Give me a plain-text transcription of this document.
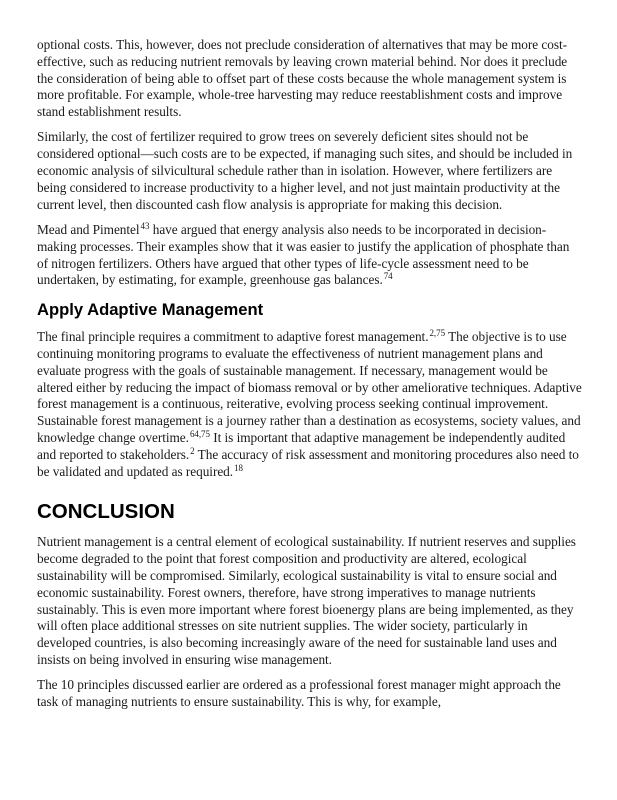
optional costs. This, however, does not preclude consideration of alternatives that may be more cost-effective, such as reducing nutrient removals by leaving crown material behind. Nor does it preclude the consideration of being able to offset part of these costs because the whole management system is more profitable. For example, whole-tree harvesting may reduce reestablishment costs and improve stand establishment results.

Similarly, the cost of fertilizer required to grow trees on severely deficient sites should not be considered optional—such costs are to be expected, if managing such sites, and should be included in economic analysis of silvicultural schedule rather than in isolation. However, where fertilizers are being considered to increase productivity to a higher level, and not just maintain productivity at the current level, then discounted cash flow analysis is appropriate for making this decision.

Mead and Pimentel$^{43}$ have argued that energy analysis also needs to be incorporated in decision-making processes. Their examples show that it was easier to justify the application of phosphate than of nitrogen fertilizers. Others have argued that other types of life-cycle assessment need to be undertaken, by estimating, for example, greenhouse gas balances.$^{74}$

Apply Adaptive Management

The final principle requires a commitment to adaptive forest management.$^{2,75}$ The objective is to use continuing monitoring programs to evaluate the effectiveness of nutrient management plans and evaluate progress with the goals of sustainable management. If necessary, management would be altered either by reducing the impact of biomass removal or by other ameliorative techniques. Adaptive forest management is a continuous, reiterative, evolving process seeking continual improvement. Sustainable forest management is a journey rather than a destination as ecosystems, society values, and knowledge change overtime.$^{64,75}$ It is important that adaptive management be independently audited and reported to stakeholders.$^2$ The accuracy of risk assessment and monitoring procedures also need to be validated and updated as required.$^{18}$

CONCLUSION

Nutrient management is a central element of ecological sustainability. If nutrient reserves and supplies become degraded to the point that forest composition and productivity are altered, ecological sustainability will be compromised. Similarly, ecological sustainability is vital to ensure social and economic sustainability. Forest owners, therefore, have strong imperatives to manage nutrients sustainably. This is even more important where forest bioenergy plans are being implemented, as they will often place additional stresses on site nutrient supplies. The wider society, particularly in developed countries, is also becoming increasingly aware of the need for sustainable land uses and insists on being involved in ensuring wise management.

The 10 principles discussed earlier are ordered as a professional forest manager might approach the task of managing nutrients to ensure sustainability. This is why, for example,
